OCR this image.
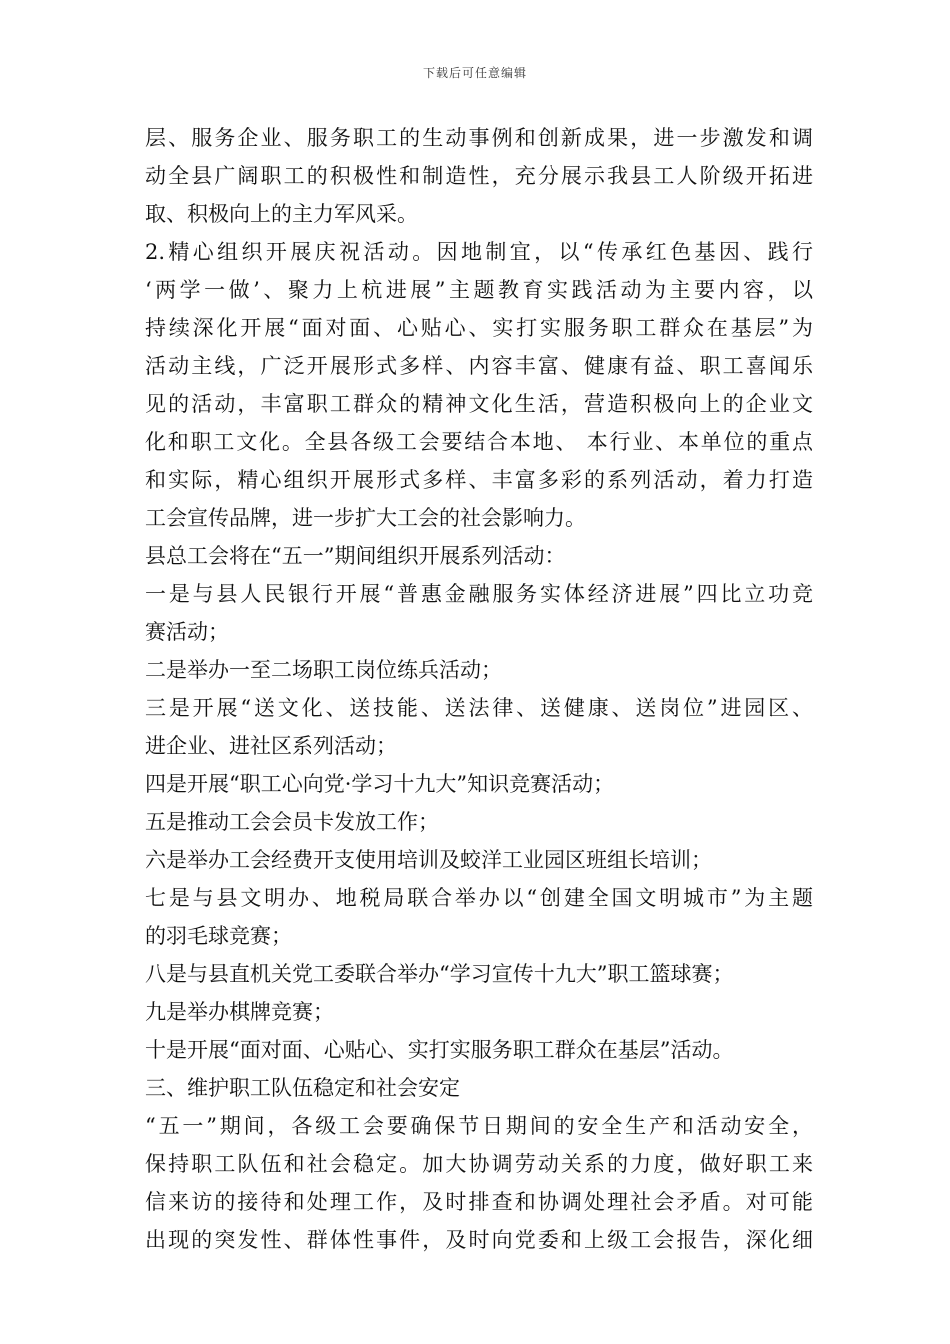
下载后可任意编辑
层、服务企业、服务职工的生动事例和创新成果，进一步激发和调
动全县广阔职工的积极性和制造性，充分展示我县工人阶级开拓进
取、积极向上的主力军风采。
2.精心组织开展庆祝活动。因地制宜，以“传承红色基因、践行
‘两学一做’、聚力上杭进展”主题教育实践活动为主要内容，以
持续深化开展“面对面、心贴心、实打实服务职工群众在基层”为
活动主线，广泛开展形式多样、内容丰富、健康有益、职工喜闻乐
见的活动，丰富职工群众的精神文化生活，营造积极向上的企业文
化和职工文化。全县各级工会要结合本地、 本行业、本单位的重点
和实际，精心组织开展形式多样、丰富多彩的系列活动，着力打造
工会宣传品牌，进一步扩大工会的社会影响力。
县总工会将在“五一”期间组织开展系列活动：
一是与县人民银行开展“普惠金融服务实体经济进展”四比立功竞
赛活动；
二是举办一至二场职工岗位练兵活动；
三是开展“送文化、送技能、送法律、送健康、送岗位”进园区、
进企业、进社区系列活动；
四是开展“职工心向党·学习十九大”知识竞赛活动；
五是推动工会会员卡发放工作；
六是举办工会经费开支使用培训及蛟洋工业园区班组长培训；
七是与县文明办、地税局联合举办以“创建全国文明城市”为主题
的羽毛球竞赛；
八是与县直机关党工委联合举办“学习宣传十九大”职工篮球赛；
九是举办棋牌竞赛；
十是开展“面对面、心贴心、实打实服务职工群众在基层”活动。
三、维护职工队伍稳定和社会安定
“五一”期间，各级工会要确保节日期间的安全生产和活动安全，
保持职工队伍和社会稳定。加大协调劳动关系的力度，做好职工来
信来访的接待和处理工作，及时排查和协调处理社会矛盾。对可能
出现的突发性、群体性事件，及时向党委和上级工会报告，深化细
